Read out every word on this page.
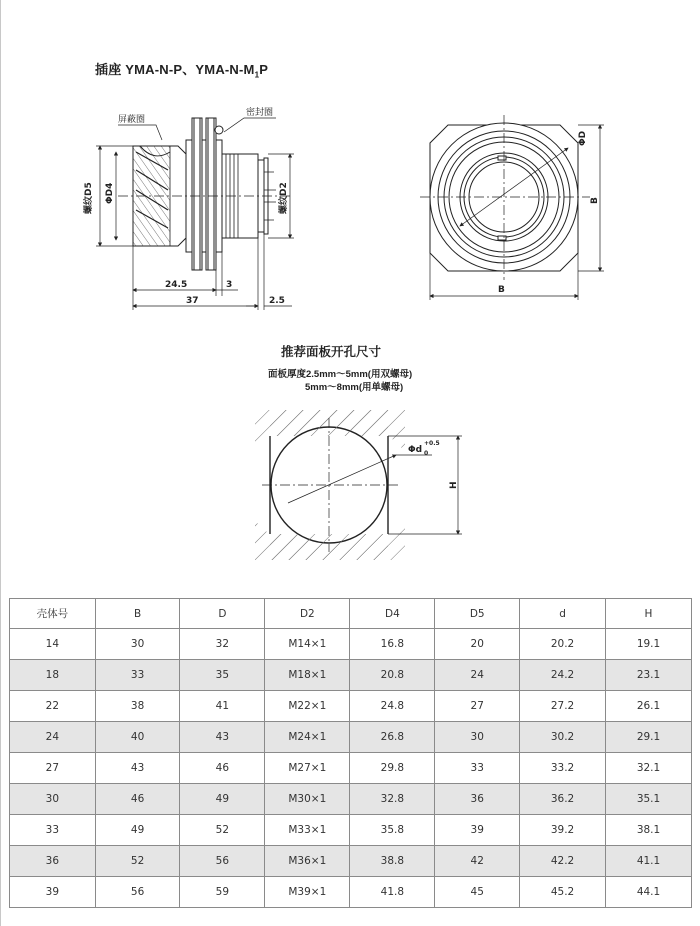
插座 YMA-N-P、YMA-$N-M_1P$
屏蔽圈
密封圈
螺纹D5 ΦD4	螺纹D2
24.5	3
37	2.5
ΦD
B
B
Φd
+0.5
0
H
推荐面板开孔尺寸
面板厚度2.5mm～5mm(用双螺母)
5mm～8mm(用单螺母)
壳体号	B	D	D2	D4	D5	d	H
14	30	32	M14×1	16.8	20	20.2	19.1
18	33	35	M18×1	20.8	24	24.2	23.1
22	38	41	M22×1	24.8	27	27.2	26.1
24	40	43	M24×1	26.8	30	30.2	29.1
27	43	46	M27×1	29.8	33	33.2	32.1
30	46	49	M30×1	32.8	36	36.2	35.1
33	49	52	M33×1	35.8	39	39.2	38.1
36	52	56	M36×1	38.8	42	42.2	41.1
39	56	59	M39×1	41.8	45	45.2	44.1
